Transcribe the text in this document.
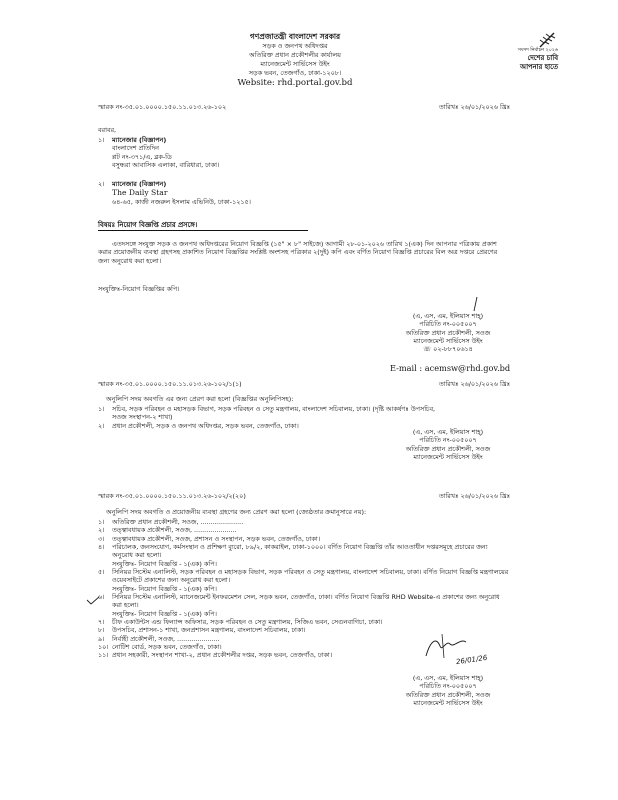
গণপ্রজাতন্ত্রী বাংলাদেশ সরকার
সড়ক ও জনপথ অধিদপ্তর
অতিরিক্ত প্রধান প্রকৌশলীর কার্যালয়
ম্যানেজমেন্ট সার্ভিসেস উইং
সড়ক ভবন, তেজগাঁও, ঢাকা-১২০৮।
Website: rhd.portal.gov.bd
সংসদ নির্বাচন ২০২৬
দেশের চাবি
আপনার হাতে
স্মারক নং-৩৫.০১.০০০০.১৫০.১১.০১৩.২৬-১০২	তারিখঃ ২৬/০১/২০২৬ খ্রিঃ
বরাবর,
১।	ম্যানেজার (বিজ্ঞাপন)
বাংলাদেশ প্রতিদিন
প্লট নং-৩৭১/এ, ব্লক-ডি
বসুন্ধরা আবাসিক এলাকা, বারিধারা, ঢাকা।
২।	ম্যানেজার (বিজ্ঞাপন)
The Daily Star
৬৪-৬৫, কাজী নজরুল ইসলাম এভিনিউ, ঢাকা-১২১৫।
বিষয়ঃ নিয়োগ বিজ্ঞপ্তি প্রচার প্রসঙ্গে।
এতদসঙ্গে সংযুক্ত সড়ক ও জনপথ অধিদপ্তরের নিয়োগ বিজ্ঞপ্তি (১৫" × ৮" সাইজে) আগামী ২৮-০১-২০২৬ তারিখ ১(এক) দিন আপনার পত্রিকায় প্রকাশ করার প্রয়োজনীয় ব্যবস্থা গ্রহণসহ প্রকাশিত নিয়োগ বিজ্ঞপ্তির সংশ্লিষ্ট অংশসহ পত্রিকার ২(দুই) কপি এবং বর্ণিত নিয়োগ বিজ্ঞপ্তি প্রচারের বিল অত্র দপ্তরে প্রেরণের জন্য অনুরোধ করা হলো।
সংযুক্তিঃ-নিয়োগ বিজ্ঞপ্তির কপি।
(এ, এস, এম, ইলিয়াস শাহ্)
পরিচিতি নং-০০৫০০৭
অতিরিক্ত প্রধান প্রকৌশলী, সওজ
ম্যানেজমেন্ট সার্ভিসেস উইং
☏ ০২-৮৮৭০৬১৪
E-mail : acemsw@rhd.gov.bd
স্মারক নং-৩৫.০১.০০০০.১৫০.১১.০১৩.২৬-১০২/১(১)	তারিখঃ ২৬/০১/২০২৬ খ্রিঃ
অনুলিপি সদয় অবগতি এর জন্য প্রেরণ করা হলো (বিজ্ঞপ্তির অনুলিপিসহ):
১।	সচিব, সড়ক পরিবহন ও মহাসড়ক বিভাগ, সড়ক পরিবহন ও সেতু মন্ত্রণালয়, বাংলাদেশ সচিবালয়, ঢাকা। (দৃষ্টি আকর্ষণঃ উপসচিব, সওজ সংস্থাপন-২ শাখা)
২।	প্রধান প্রকৌশলী, সড়ক ও জনপথ অধিদপ্তর, সড়ক ভবন, তেজগাঁও, ঢাকা।
(এ, এস, এম, ইলিয়াস শাহ্)
পরিচিতি নং-০০৫০০৭
অতিরিক্ত প্রধান প্রকৌশলী, সওজ
ম্যানেজমেন্ট সার্ভিসেস উইং
স্মারক নং-৩৫.০১.০০০০.১৫০.১১.০১৩.২৬-১০২/২(২০)	তারিখঃ ২৬/০১/২০২৬ খ্রিঃ
অনুলিপি সদয় অবগতি ও প্রয়োজনীয় ব্যবস্থা গ্রহণের জন্য প্রেরণ করা হলো (জ্যেষ্ঠতার ক্রমানুসারে নয়):
১।	অতিরিক্ত প্রধান প্রকৌশলী, সওজ, .....................
২।	তত্ত্বাবধায়ক প্রকৌশলী, সওজ, .....................
৩।	তত্ত্বাবধায়ক প্রকৌশলী, সওজ, প্রশাসন ও সংস্থাপন, সড়ক ভবন, তেজগাঁও, ঢাকা।
৪।	পরিচালক, জনসংযোগ, কর্মসংস্থান ও প্রশিক্ষণ ব্যুরো, ৮৯/২, কাকরাইল, ঢাকা-১০০০। বর্ণিত নিয়োগ বিজ্ঞপ্তি তাঁর আওতাধীন দপ্তরসমূহে প্রচারের জন্য অনুরোধ করা হলো।
সংযুক্তিঃ- নিয়োগ বিজ্ঞপ্তি - ১(এক) কপি।
৫।	সিনিয়র সিস্টেম এনালিস্ট, সড়ক পরিবহন ও মহাসড়ক বিভাগ, সড়ক পরিবহন ও সেতু মন্ত্রণালয়, বাংলাদেশ সচিবালয়, ঢাকা। বর্ণিত নিয়োগ বিজ্ঞপ্তি মন্ত্রণালয়ের ওয়েবসাইটে প্রকাশের জন্য অনুরোধ করা হলো।
সংযুক্তিঃ- নিয়োগ বিজ্ঞপ্তি - ১(এক) কপি।
৬।	সিনিয়র সিস্টেম এনালিস্ট, ম্যানেজমেন্ট ইনফরমেশন সেল, সড়ক ভবন, তেজগাঁও, ঢাকা। বর্ণিত নিয়োগ বিজ্ঞপ্তি RHD Website-এ প্রকাশের জন্য অনুরোধ করা হলো।
সংযুক্তিঃ- নিয়োগ বিজ্ঞপ্তি - ১(এক) কপি।
৭।	চীফ একাউন্টস এন্ড ফিন্যান্স অফিসার, সড়ক পরিবহন ও সেতু মন্ত্রণালয়, সিজিএ ভবন, সেগুনবাগিচা, ঢাকা।
৮।	উপসচিব, প্রশাসন-১ শাখা, জনপ্রশাসন মন্ত্রণালয়, বাংলাদেশ সচিবালয়, ঢাকা।
৯।	নির্বাহী প্রকৌশলী, সওজ, .....................
১০। নোটিশ বোর্ড, সড়ক ভবন, তেজগাঁও, ঢাকা।
১১। প্রধান সহকারী, সংস্থাপন শাখা-২, প্রধান প্রকৌশলীর দপ্তর, সড়ক ভবন, তেজগাঁও, ঢাকা।	26/01/26
(এ, এস, এম, ইলিয়াস শাহ্)
পরিচিতি নং-০০৫০০৭
অতিরিক্ত প্রধান প্রকৌশলী, সওজ
ম্যানেজমেন্ট সার্ভিসেস উইং
